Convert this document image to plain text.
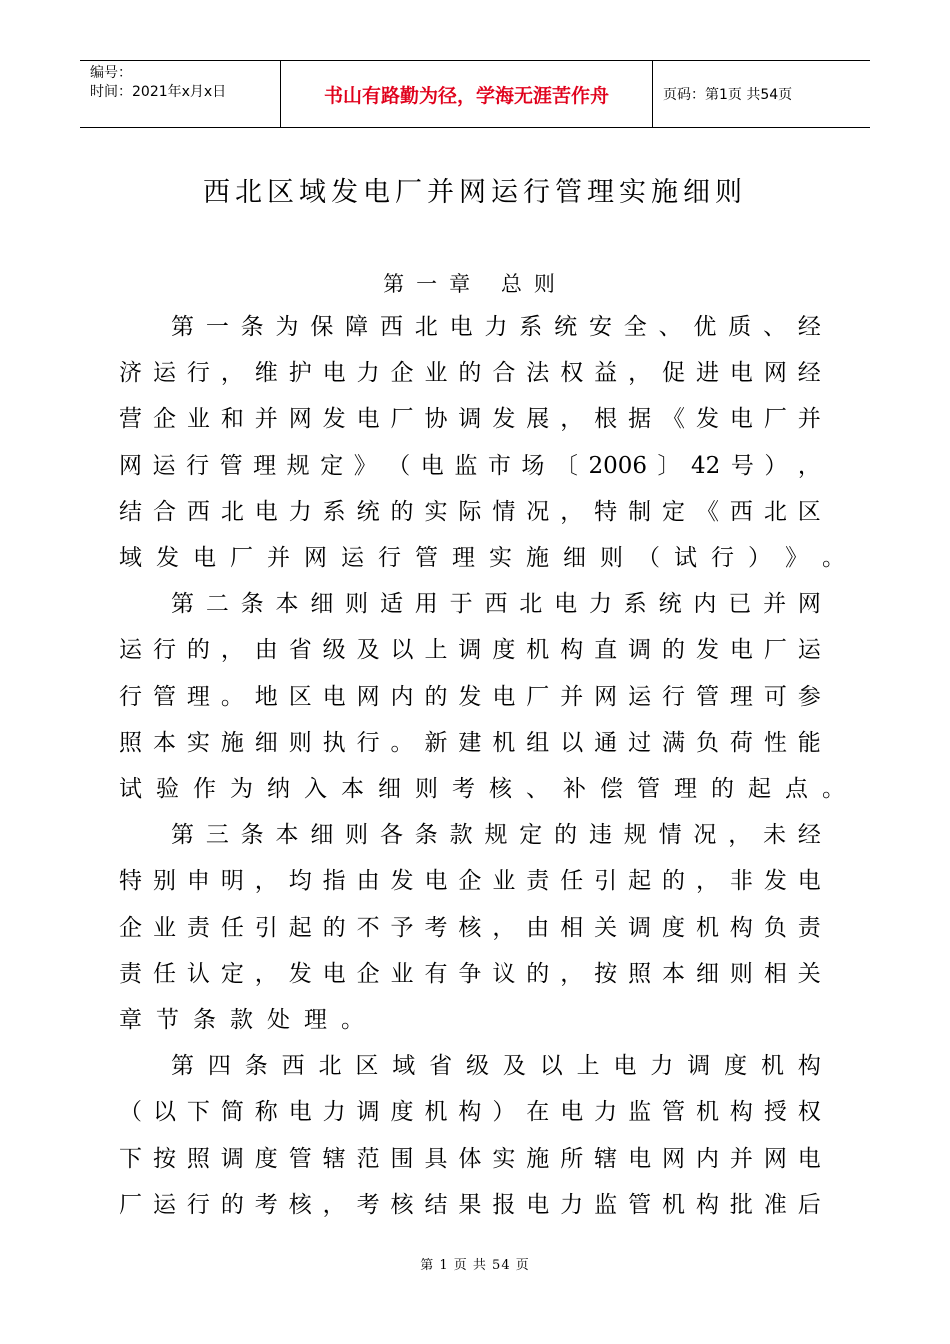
编号：
时间：2021年x月x日	书山有路勤为径，学海无涯苦作舟	页码：第1页 共54页
西北区域发电厂并网运行管理实施细则
第一章 总则
第 一 条 为 保 障 西 北 电 力 系 统 安 全 、 优 质 、 经
济 运 行 ， 维 护 电 力 企 业 的 合 法 权 益 ， 促 进 电 网 经
营 企 业 和 并 网 发 电 厂 协 调 发 展 ， 根 据 《 发 电 厂 并
网 运 行 管 理 规 定 》 （ 电 监 市 场 〔 2006 〕 42 号 ） ，
结 合 西 北 电 力 系 统 的 实 际 情 况 ， 特 制 定 《 西 北 区
域 发 电 厂 并 网 运 行 管 理 实 施 细 则 （ 试 行 ） 》 。
第 二 条 本 细 则 适 用 于 西 北 电 力 系 统 内 已 并 网
运 行 的 ， 由 省 级 及 以 上 调 度 机 构 直 调 的 发 电 厂 运
行 管 理 。 地 区 电 网 内 的 发 电 厂 并 网 运 行 管 理 可 参
照 本 实 施 细 则 执 行 。 新 建 机 组 以 通 过 满 负 荷 性 能
试 验 作 为 纳 入 本 细 则 考 核 、 补 偿 管 理 的 起 点 。
第 三 条 本 细 则 各 条 款 规 定 的 违 规 情 况 ， 未 经
特 别 申 明 ， 均 指 由 发 电 企 业 责 任 引 起 的 ， 非 发 电
企 业 责 任 引 起 的 不 予 考 核 ， 由 相 关 调 度 机 构 负 责
责 任 认 定 ， 发 电 企 业 有 争 议 的 ， 按 照 本 细 则 相 关
章 节 条 款 处 理 。
第 四 条 西 北 区 域 省 级 及 以 上 电 力 调 度 机 构
（ 以 下 简 称 电 力 调 度 机 构 ） 在 电 力 监 管 机 构 授 权
下 按 照 调 度 管 辖 范 围 具 体 实 施 所 辖 电 网 内 并 网 电
厂 运 行 的 考 核 ， 考 核 结 果 报 电 力 监 管 机 构 批 准 后
第 1 页 共 54 页
